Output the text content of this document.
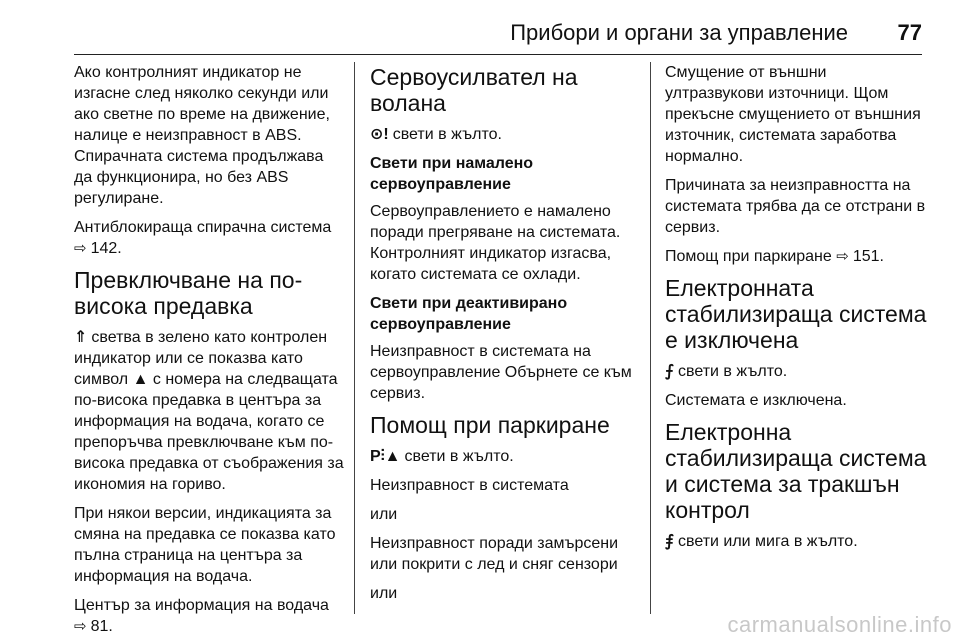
Прибори и органи за управление 77

Ако контролният индикатор не изгасне след няколко секунди или ако светне по време на движение, налице е неизправност в ABS. Спирачната система продължава да функционира, но без ABS регулиране.

Антиблокираща спирачна система
⇨ 142.

Превключване на по-висока предавка

⇑ светва в зелено като контролен индикатор или се показва като символ ▲ с номера на следващата по-висока предавка в центъра за информация на водача, когато се препоръчва превключване към по-висока предавка от съображения за икономия на гориво.

При някои версии, индикацията за смяна на предавка се показва като пълна страница на центъра за информация на водача.

Център за информация на водача
⇨ 81.

Сервоусилвател на волана

⊙! свети в жълто.

Свети при намалено сервоуправление

Сервоуправлението е намалено поради прегряване на системата. Контролният индикатор изгасва, когато системата се охлади.

Свети при деактивирано сервоуправление

Неизправност в системата на сервоуправление Обърнете се към сервиз.

Помощ при паркиране

P⫶▲ свети в жълто.

Неизправност в системата

или

Неизправност поради замърсени или покрити с лед и сняг сензори

или

Смущение от външни ултразвукови източници. Щом прекъсне смущението от външния източник, системата заработва нормално.

Причината за неизправността на системата трябва да се отстрани в сервиз.

Помощ при паркиране ⇨ 151.

Електронната стабилизираща система е изключена

⨍ свети в жълто.

Системата е изключена.

Електронна стабилизираща система и система за тракшън контрол

⨎ свети или мига в жълто.

carmanualsonline.info
